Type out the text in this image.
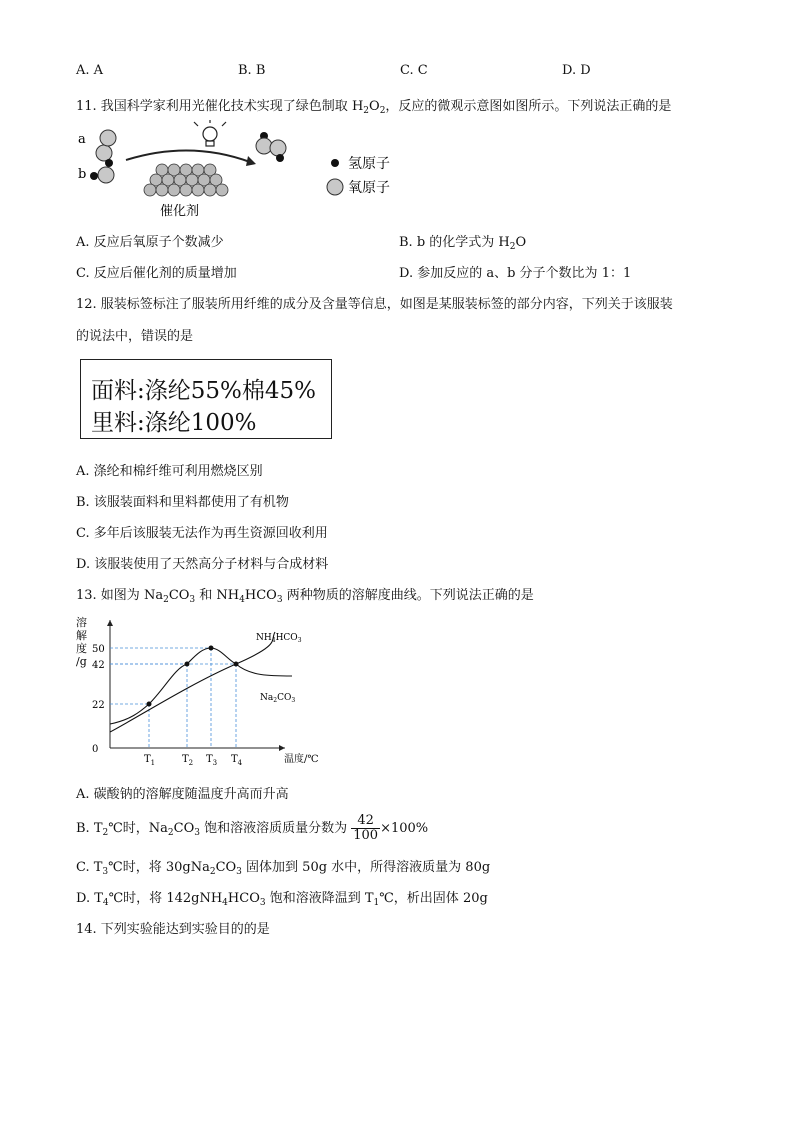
A. A	B. B	C. C	D. D
11. 我国科学家利用光催化技术实现了绿色制取 $H_2O_2$，反应的微观示意图如图所示。下列说法正确的是
a
b
催化剂
氢原子
氧原子
A. 反应后氧原子个数减少	B. b 的化学式为 $H_2O$
C. 反应后催化剂的质量增加	D. 参加反应的 a、b 分子个数比为 1：1
12. 服装标签标注了服装所用纤维的成分及含量等信息，如图是某服装标签的部分内容，下列关于该服装
的说法中，错误的是
面料:涤纶55%棉45%
里料:涤纶100%
A. 涤纶和棉纤维可利用燃烧区别
B. 该服装面料和里料都使用了有机物
C. 多年后该服装无法作为再生资源回收利用
D. 该服装使用了天然高分子材料与合成材料
13. 如图为 $Na_2CO_3$ 和 $NH_4HCO_3$ 两种物质的溶解度曲线。下列说法正确的是
溶
解
度
/g
温度/℃
0
22
42
50
$T_1$	$T_2$ $T_3$ $T_4$
$NH_4HCO_3$
$Na_2CO_3$
A. 碳酸钠的溶解度随温度升高而升高
B. $T_2℃$时，$Na_2CO_3$ 饱和溶液溶质质量分数为 $\frac{42}{100} \times 100\%$
C. $T_3℃$时，将 $30gNa_2CO_3$ 固体加到 50g 水中，所得溶液质量为 80g
D. $T_4℃$时，将 $142gNH_4HCO_3$ 饱和溶液降温到 $T_1℃$，析出固体 20g
14. 下列实验能达到实验目的的是
